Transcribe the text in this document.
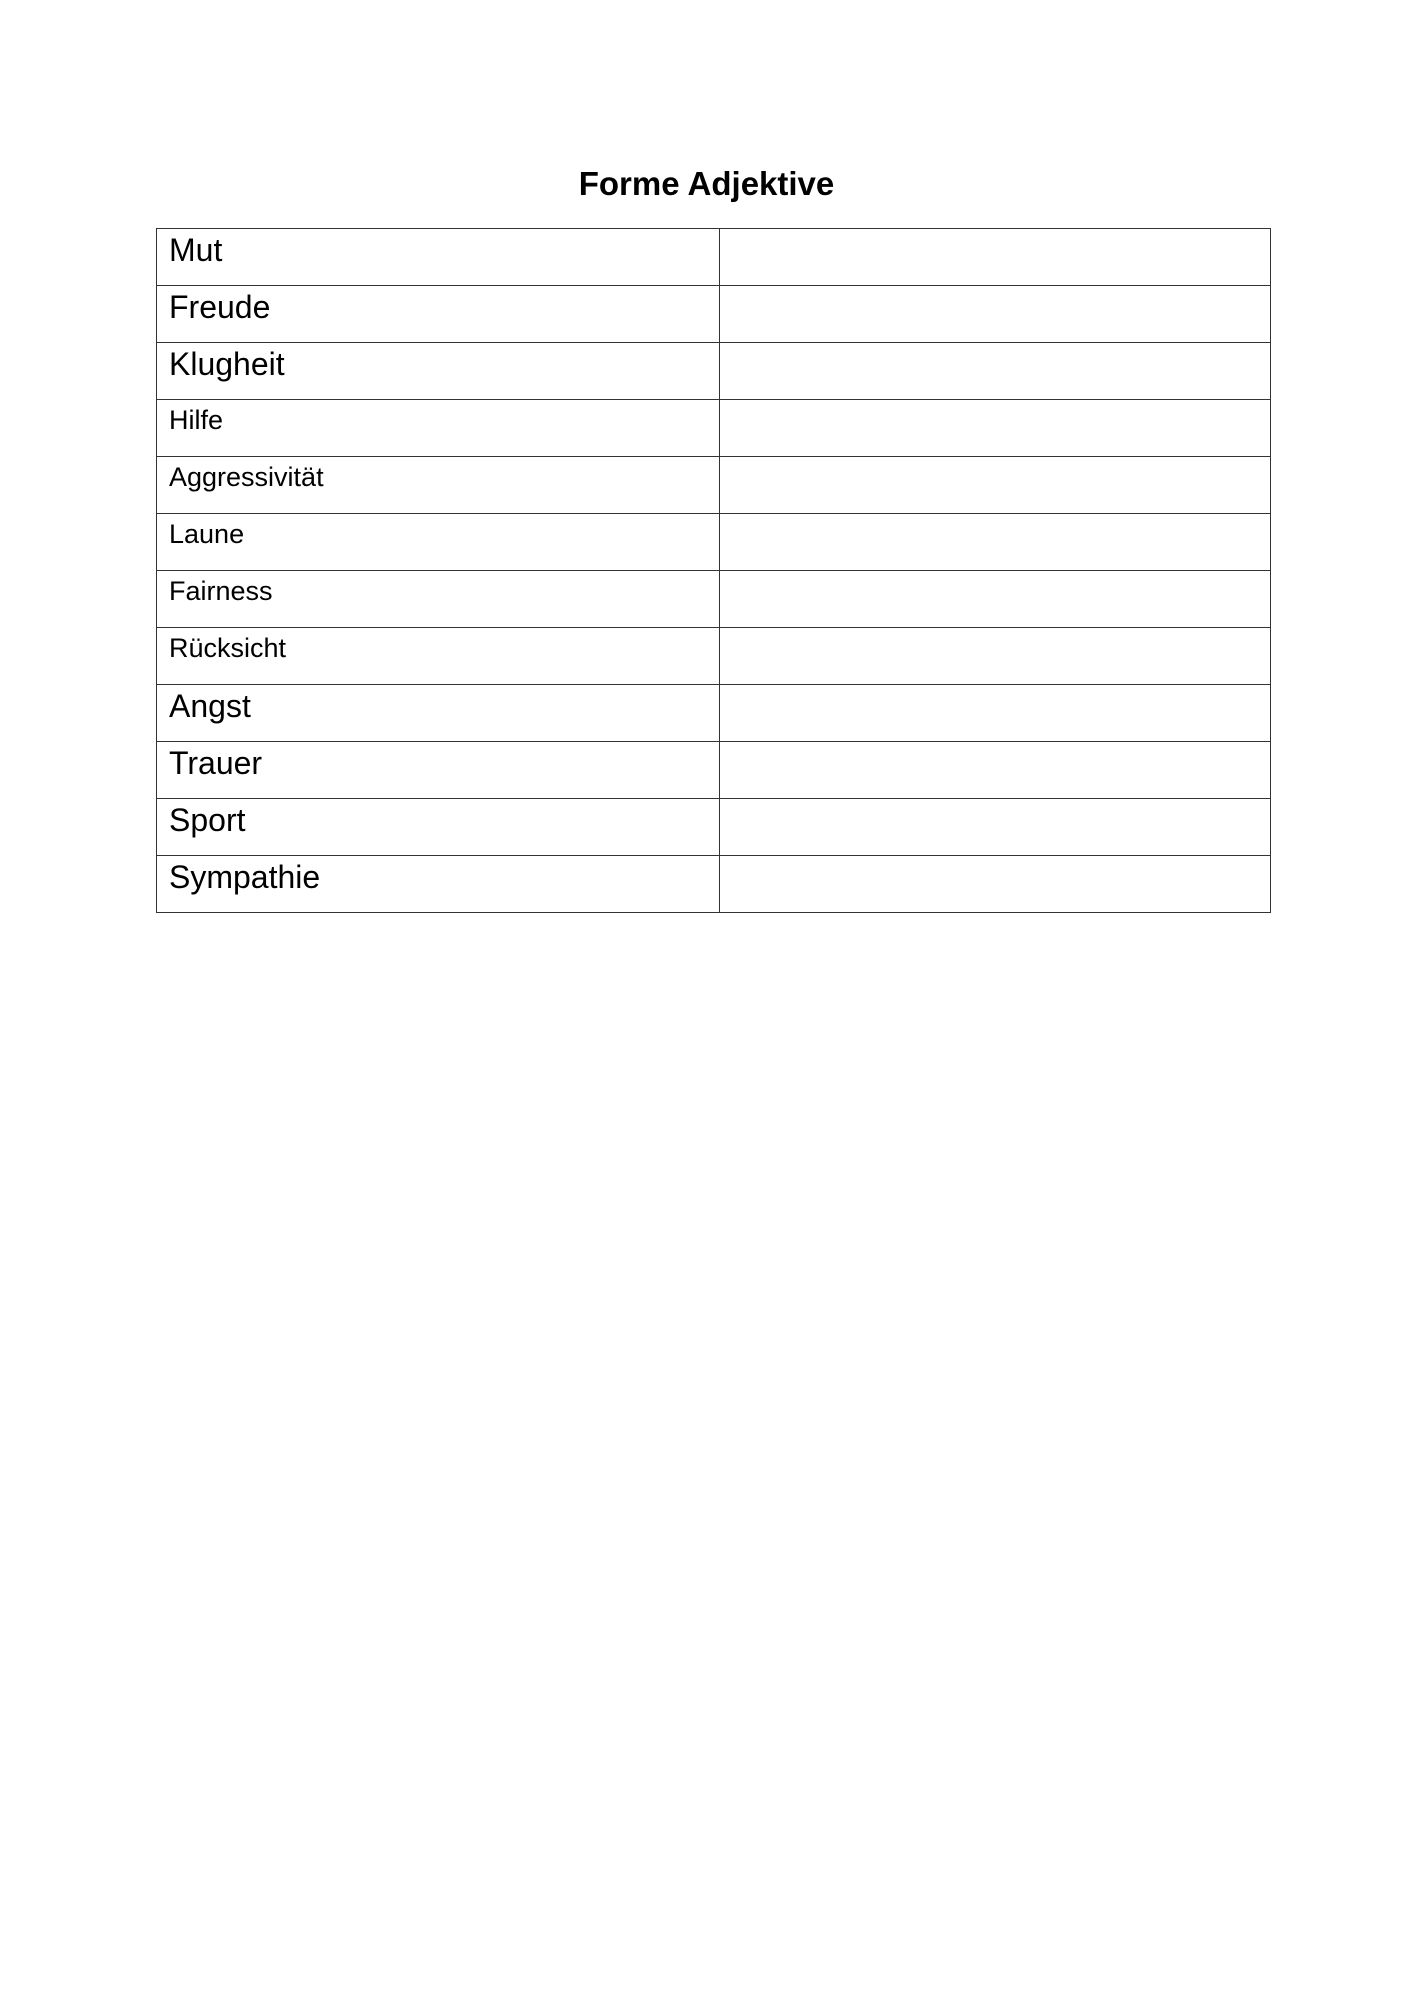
Forme Adjektive
Mut	

Freude	

Klugheit	

Hilfe	

Aggressivität	

Laune	

Fairness	

Rücksicht	

Angst	

Trauer	

Sport	

Sympathie	
